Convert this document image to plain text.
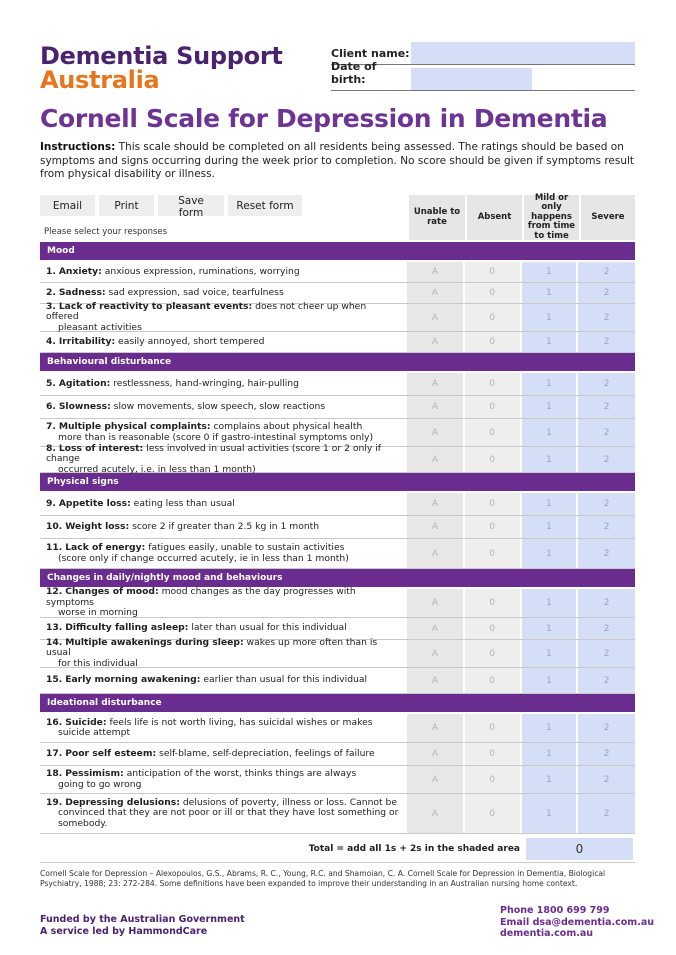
Dementia Support
Australia
Client name:
Date of birth:
Cornell Scale for Depression in Dementia
Instructions: This scale should be completed on all residents being assessed. The ratings should be based on symptoms and signs occurring during the week prior to completion. No score should be given if symptoms result from physical disability or illness.
Email	Print	Save form
Reset form
Please select your responses
Unable to rate	Absent
Mild or only happens from time to time
Severe
Mood
1. Anxiety: anxious expression, ruminations, worrying	A	0	1	2
2. Sadness: sad expression, sad voice, tearfulness	A	0	1	2
3. Lack of reactivity to pleasant events: does not cheer up when offered
pleasant activities
A	0	1	2
4. Irritability: easily annoyed, short tempered	A	0	1	2
Behavioural disturbance
5. Agitation: restlessness, hand-wringing, hair-pulling	A	0	1	2
6. Slowness: slow movements, slow speech, slow reactions	A	0	1	2
7. Multiple physical complaints: complains about physical health
more than is reasonable (score 0 if gastro-intestinal symptoms only)	A	0	1	2
8. Loss of interest: less involved in usual activities (score 1 or 2 only if change
occurred acutely, i.e. in less than 1 month)
A	0	1	2
Physical signs
9. Appetite loss: eating less than usual	A	0	1	2
10. Weight loss: score 2 if greater than 2.5 kg in 1 month	A	0	1	2
11. Lack of energy: fatigues easily, unable to sustain activities
(score only if change occurred acutely, ie in less than 1 month)	A	0	1	2
Changes in daily/nightly mood and behaviours
12. Changes of mood: mood changes as the day progresses with symptoms
worse in morning
A	0	1	2
13. Difficulty falling asleep: later than usual for this individual	A	0	1	2
14. Multiple awakenings during sleep: wakes up more often than is usual
for this individual
A	0	1	2
15. Early morning awakening: earlier than usual for this individual	A	0	1	2
Ideational disturbance
16. Suicide: feels life is not worth living, has suicidal wishes or makes
suicide attempt	A	0	1	2
17. Poor self esteem: self-blame, self-depreciation, feelings of failure	A	0	1	2
18. Pessimism: anticipation of the worst, thinks things are always
going to go wrong	A	0	1	2
19. Depressing delusions: delusions of poverty, illness or loss. Cannot be
convinced that they are not poor or ill or that they have lost something or somebody.
A	0	1	2
Total = add all 1s + 2s in the shaded area	0
Cornell Scale for Depression – Alexopoulos, G.S., Abrams, R. C., Young, R.C. and Shamoian, C. A. Cornell Scale for Depression in Dementia, Biological Psychiatry, 1988; 23: 272-284. Some definitions have been expanded to improve their understanding in an Australian nursing home context.
Funded by the Australian Government
A service led by HammondCare
Phone 1800 699 799
Email dsa@dementia.com.au
dementia.com.au
